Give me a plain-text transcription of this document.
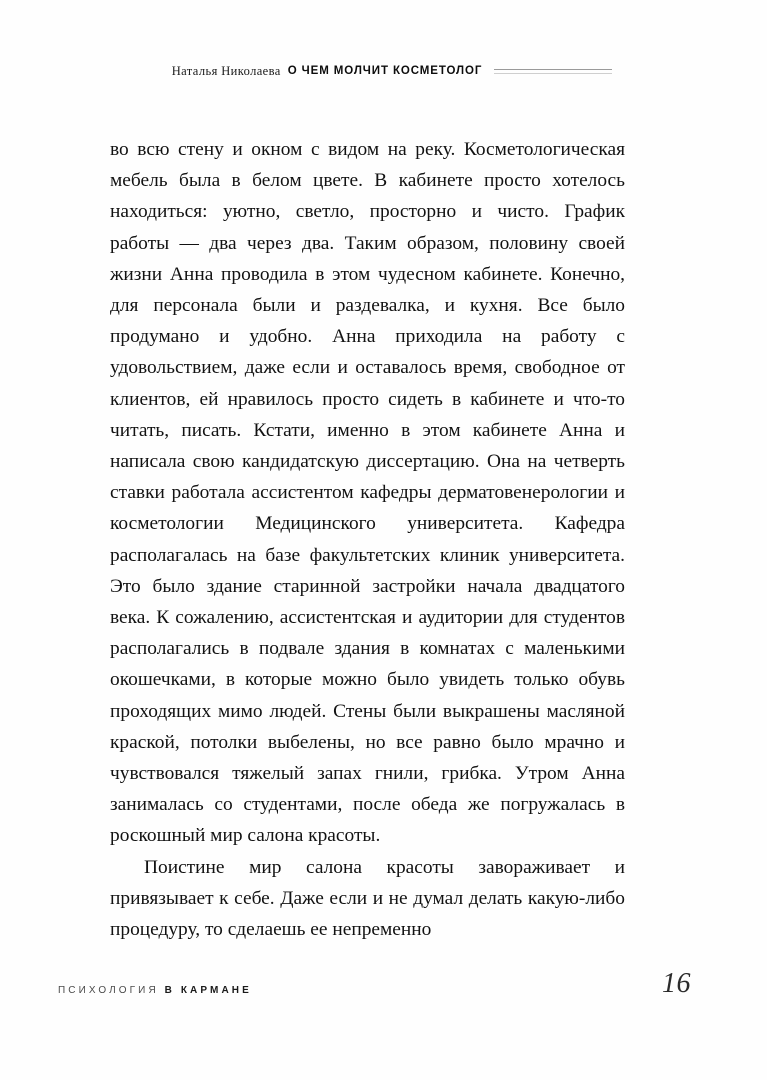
Наталья Николаева О ЧЕМ МОЛЧИТ КОСМЕТОЛОГ

во всю стену и окном с видом на реку. Косметологическая мебель была в белом цвете. В кабинете просто хотелось находиться: уютно, светло, просторно и чисто. График работы — два через два. Таким образом, половину своей жизни Анна проводила в этом чудесном кабинете. Конечно, для персонала были и раздевалка, и кухня. Все было продумано и удобно. Анна приходила на работу с удовольствием, даже если и оставалось время, свободное от клиентов, ей нравилось просто сидеть в кабинете и что-то читать, писать. Кстати, именно в этом кабинете Анна и написала свою кандидатскую диссертацию. Она на четверть ставки работала ассистентом кафедры дерматовенерологии и косметологии Медицинского университета. Кафедра располагалась на базе факультетских клиник университета. Это было здание старинной застройки начала двадцатого века. К сожалению, ассистентская и аудитории для студентов располагались в подвале здания в комнатах с маленькими окошечками, в которые можно было увидеть только обувь проходящих мимо людей. Стены были выкрашены масляной краской, потолки выбелены, но все равно было мрачно и чувствовался тяжелый запах гнили, грибка. Утром Анна занималась со студентами, после обеда же погружалась в роскошный мир салона красоты.

Поистине мир салона красоты завораживает и привязывает к себе. Даже если и не думал делать какую-либо процедуру, то сделаешь ее непременно

ПСИХОЛОГИЯ В КАРМАНЕ	16
